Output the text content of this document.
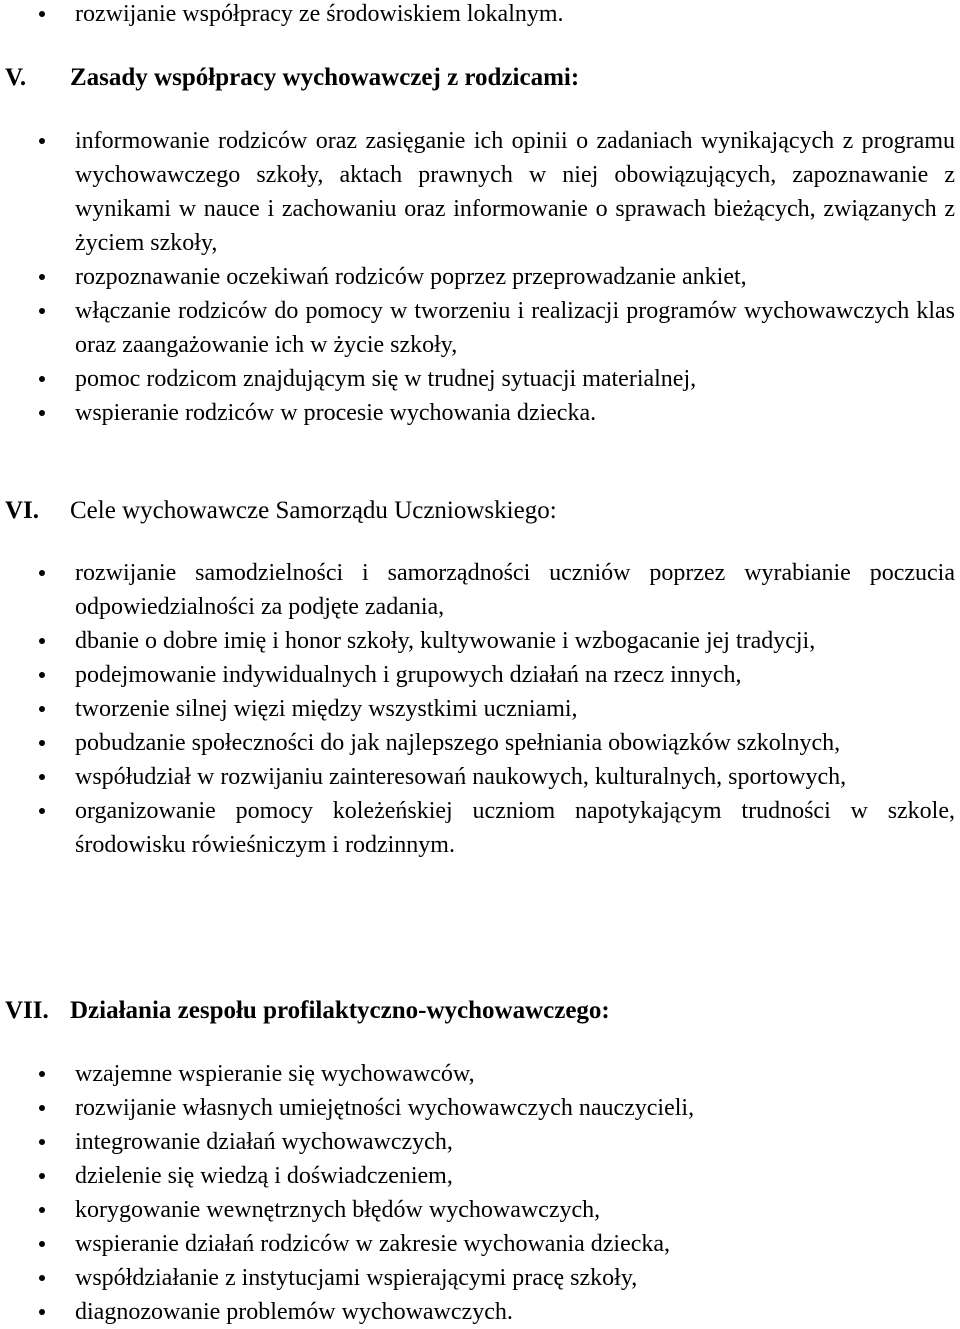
rozwijanie współpracy ze środowiskiem lokalnym.
V. Zasady współpracy wychowawczej z rodzicami:
informowanie rodziców oraz zasięganie ich opinii o zadaniach wynikających z programu wychowawczego szkoły, aktach prawnych w niej obowiązujących, zapoznawanie z wynikami w nauce i zachowaniu oraz informowanie o sprawach bieżących, związanych z życiem szkoły,
rozpoznawanie oczekiwań rodziców poprzez przeprowadzanie ankiet,
włączanie rodziców do pomocy w tworzeniu i realizacji programów wychowawczych klas oraz zaangażowanie ich w życie szkoły,
pomoc rodzicom znajdującym się w trudnej sytuacji materialnej,
wspieranie rodziców w procesie wychowania dziecka.
VI. Cele wychowawcze Samorządu Uczniowskiego:
rozwijanie samodzielności i samorządności uczniów poprzez wyrabianie poczucia odpowiedzialności za podjęte zadania,
dbanie o dobre imię i honor szkoły, kultywowanie i wzbogacanie jej tradycji,
podejmowanie indywidualnych i grupowych działań na rzecz innych,
tworzenie silnej więzi między wszystkimi uczniami,
pobudzanie społeczności do jak najlepszego spełniania obowiązków szkolnych,
współudział w rozwijaniu zainteresowań naukowych, kulturalnych, sportowych,
organizowanie pomocy koleżeńskiej uczniom napotykającym trudności w szkole, środowisku rówieśniczym i rodzinnym.
VII. Działania zespołu profilaktyczno-wychowawczego:
wzajemne wspieranie się wychowawców,
rozwijanie własnych umiejętności wychowawczych nauczycieli,
integrowanie działań wychowawczych,
dzielenie się wiedzą i doświadczeniem,
korygowanie wewnętrznych błędów wychowawczych,
wspieranie działań rodziców w zakresie wychowania dziecka,
współdziałanie z instytucjami wspierającymi pracę szkoły,
diagnozowanie problemów wychowawczych.
